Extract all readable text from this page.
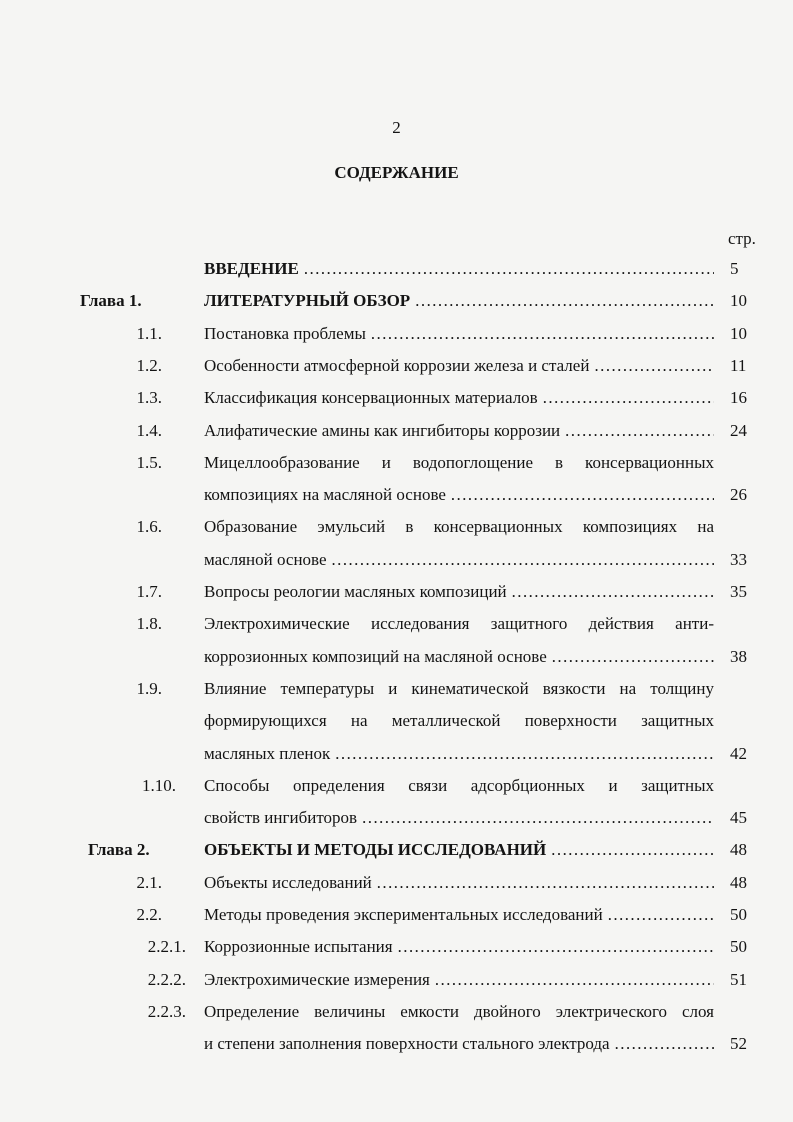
2
СОДЕРЖАНИЕ
стр.
ВВЕДЕНИЕ ………………………………………………………………………………………………………………………………	5
Глава 1.	ЛИТЕРАТУРНЫЙ ОБЗОР ………………………………………………………………………………………………………………………………	10
1.1. Постановка проблемы ………………………………………………………………………………………………………………………………	10
1.2. Особенности атмосферной коррозии железа и сталей ………………………………………………………………………………………………………………………………	11
1.3. Классификация консервационных материалов ………………………………………………………………………………………………………………………………	16
1.4. Алифатические амины как ингибиторы коррозии ………………………………………………………………………………………………………………………………	24
1.5. Мицеллообразование и водопоглощение в консервационных
композициях на масляной основе ………………………………………………………………………………………………………………………………	26
1.6. Образование эмульсий в консервационных композициях на
масляной основе ………………………………………………………………………………………………………………………………	33
1.7. Вопросы реологии масляных композиций ………………………………………………………………………………………………………………………………	35
1.8. Электрохимические исследования защитного действия анти-
коррозионных композиций на масляной основе ………………………………………………………………………………………………………………………………	38
1.9. Влияние температуры и кинематической вязкости на толщину
формирующихся на металлической поверхности защитных
масляных пленок ………………………………………………………………………………………………………………………………	42
1.10. Способы определения связи адсорбционных и защитных
свойств ингибиторов ………………………………………………………………………………………………………………………………	45
Глава 2.	ОБЪЕКТЫ И МЕТОДЫ ИССЛЕДОВАНИЙ ………………………………………………………………………………………………………………………………	48
2.1. Объекты исследований ………………………………………………………………………………………………………………………………	48
2.2. Методы проведения экспериментальных исследований ………………………………………………………………………………………………………………………………	50
2.2.1. Коррозионные испытания ………………………………………………………………………………………………………………………………	50
2.2.2. Электрохимические измерения ………………………………………………………………………………………………………………………………	51
2.2.3. Определение величины емкости двойного электрического слоя
и степени заполнения поверхности стального электрода ………………………………………………………………………………………………………………………………	52
